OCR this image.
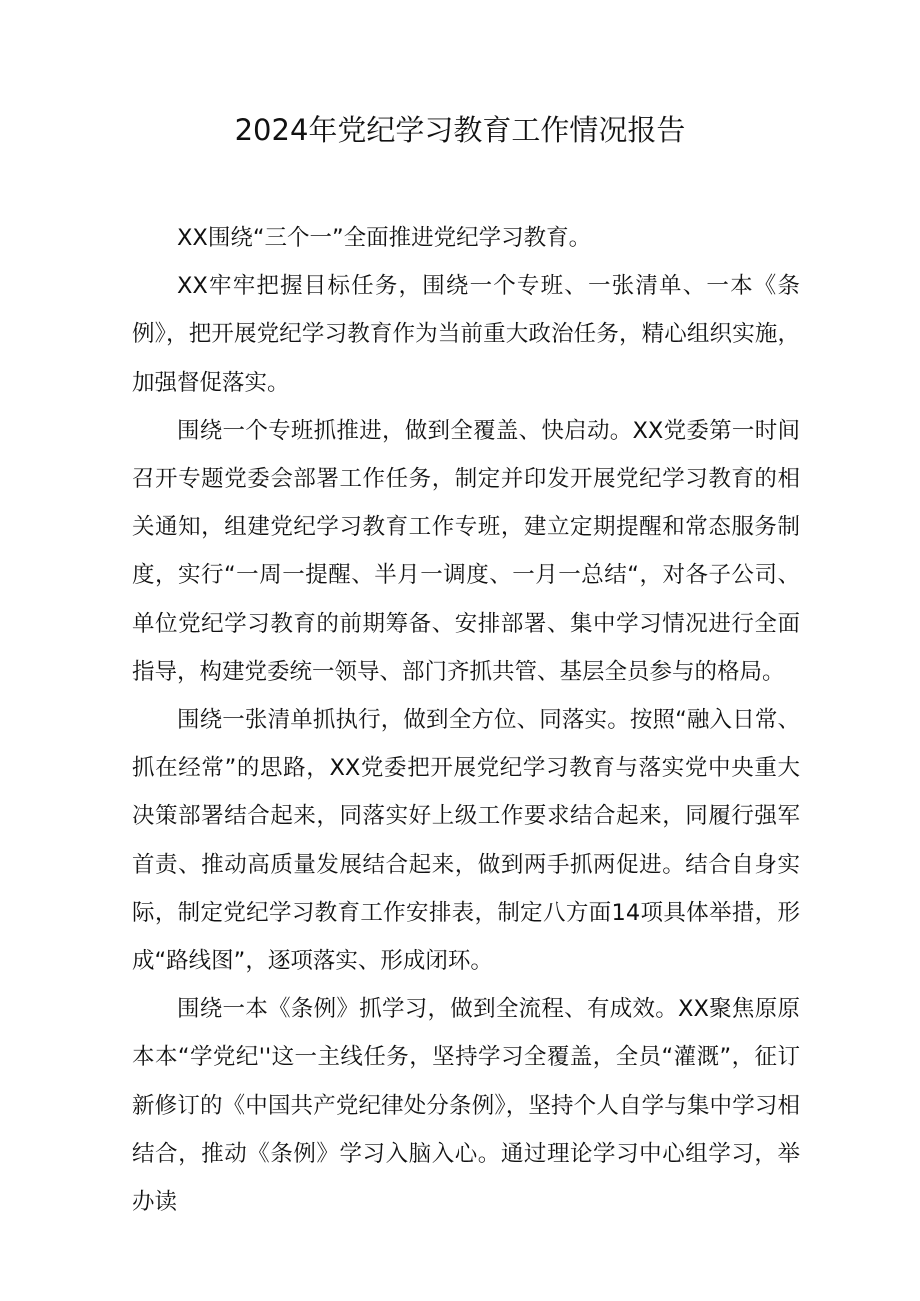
2024年党纪学习教育工作情况报告

XX围绕“三个一”全面推进党纪学习教育。

XX牢牢把握目标任务，围绕一个专班、一张清单、一本《条例》，把开展党纪学习教育作为当前重大政治任务，精心组织实施，加强督促落实。

围绕一个专班抓推进，做到全覆盖、快启动。XX党委第一时间召开专题党委会部署工作任务，制定并印发开展党纪学习教育的相关通知，组建党纪学习教育工作专班，建立定期提醒和常态服务制度，实行“一周一提醒、半月一调度、一月一总结“，对各子公司、单位党纪学习教育的前期筹备、安排部署、集中学习情况进行全面指导，构建党委统一领导、部门齐抓共管、基层全员参与的格局。

围绕一张清单抓执行，做到全方位、同落实。按照“融入日常、抓在经常”的思路，XX党委把开展党纪学习教育与落实党中央重大决策部署结合起来，同落实好上级工作要求结合起来，同履行强军首责、推动高质量发展结合起来，做到两手抓两促进。结合自身实际，制定党纪学习教育工作安排表，制定八方面14项具体举措，形成“路线图”，逐项落实、形成闭环。

围绕一本《条例》抓学习，做到全流程、有成效。XX聚焦原原本本“学党纪''这一主线任务，坚持学习全覆盖，全员“灌溉”，征订新修订的《中国共产党纪律处分条例》，坚持个人自学与集中学习相结合，推动《条例》学习入脑入心。通过理论学习中心组学习，举办读
